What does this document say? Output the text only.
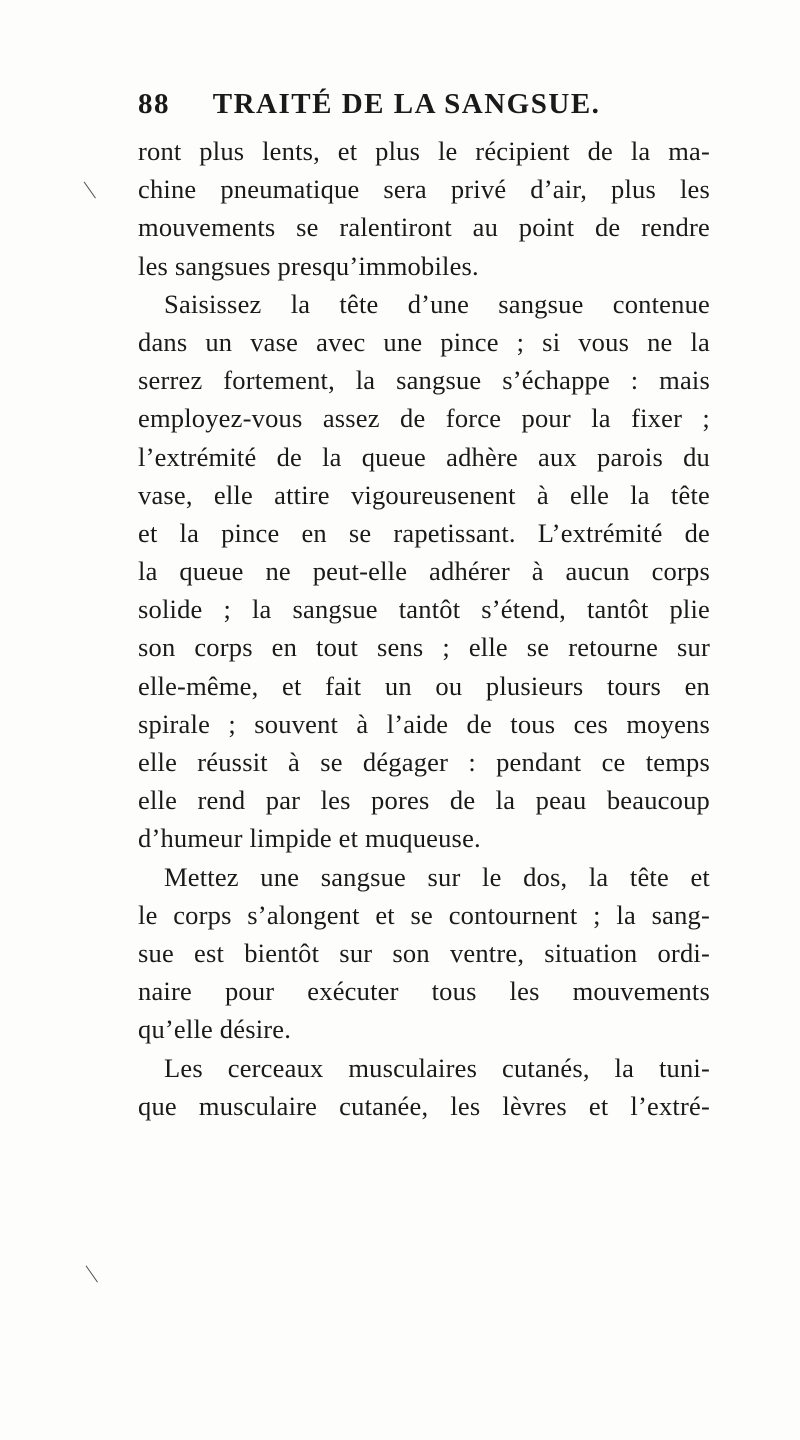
88 TRAITÉ DE LA SANGSUE.
ront plus lents, et plus le récipient de la ma-
chine pneumatique sera privé d’air, plus les
mouvements se ralentiront au point de rendre
les sangsues presqu’immobiles.
Saisissez la tête d’une sangsue contenue
dans un vase avec une pince ; si vous ne la
serrez fortement, la sangsue s’échappe : mais
employez-vous assez de force pour la fixer ;
l’extrémité de la queue adhère aux parois du
vase, elle attire vigoureusenent à elle la tête
et la pince en se rapetissant. L’extrémité de
la queue ne peut-elle adhérer à aucun corps
solide ; la sangsue tantôt s’étend, tantôt plie
son corps en tout sens ; elle se retourne sur
elle-même, et fait un ou plusieurs tours en
spirale ; souvent à l’aide de tous ces moyens
elle réussit à se dégager : pendant ce temps
elle rend par les pores de la peau beaucoup
d’humeur limpide et muqueuse.
Mettez une sangsue sur le dos, la tête et
le corps s’alongent et se contournent ; la sang-
sue est bientôt sur son ventre, situation ordi-
naire pour exécuter tous les mouvements
qu’elle désire.
Les cerceaux musculaires cutanés, la tuni-
que musculaire cutanée, les lèvres et l’extré-
